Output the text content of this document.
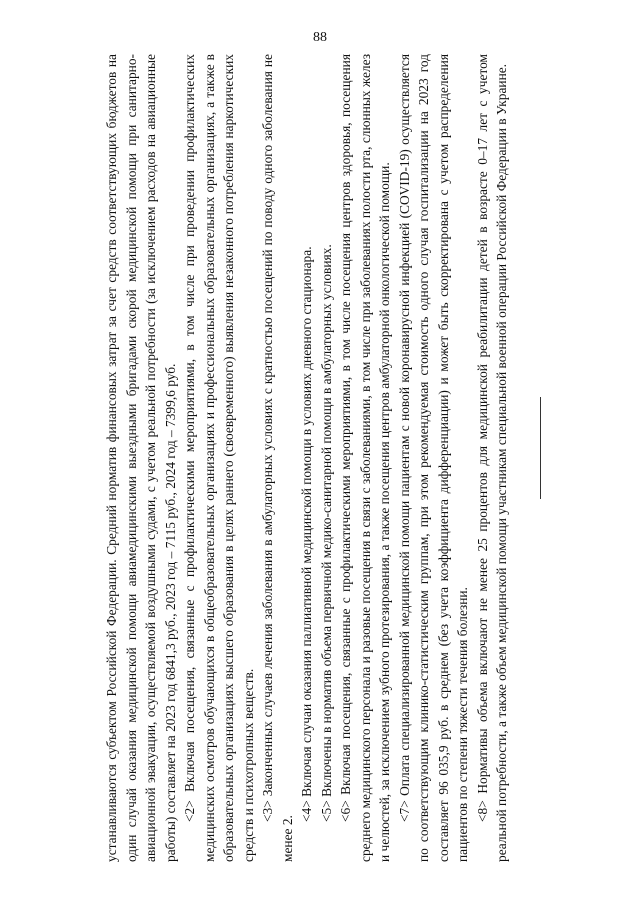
88

устанавливаются субъектом Российской Федерации. Средний норматив финансовых затрат за счет средств соответствующих бюджетов на один случай оказания медицинской помощи авиамедицинскими выездными бригадами скорой медицинской помощи при санитарно-авиационной эвакуации, осуществляемой воздушными судами, с учетом реальной потребности (за исключением расходов на авиационные работы) составляет на 2023 год 6841,3 руб., 2023 год – 7115 руб., 2024 год – 7399,6 руб. <2> Включая посещения, связанные с профилактическими мероприятиями, в том числе при проведении профилактических медицинских осмотров обучающихся в общеобразовательных организациях и профессиональных образовательных организациях, а также в образовательных организациях высшего образования в целях раннего (своевременного) выявления незаконного потребления наркотических средств и психотропных веществ. <3> Законченных случаев лечения заболевания в амбулаторных условиях с кратностью посещений по поводу одного заболевания не менее 2.

<4> Включая случаи оказания паллиативной медицинской помощи в условиях дневного стационара. <5> Включены в норматив объема первичной медико-санитарной помощи в амбулаторных условиях. <6> Включая посещения, связанные с профилактическими мероприятиями, в том числе посещения центров здоровья, посещения среднего медицинского персонала и разовые посещения в связи с заболеваниями, в том числе при заболеваниях полости рта, слюнных желез и челюстей, за исключением зубного протезирования, а также посещения центров амбулаторной онкологической помощи. <7> Оплата специализированной медицинской помощи пациентам с новой коронавирусной инфекцией (COVID-19) осуществляется по соответствующим клинико-статистическим группам, при этом рекомендуемая стоимость одного случая госпитализации на 2023 год составляет 96 035,9 руб. в среднем (без учета коэффициента дифференциации) и может быть скорректирована с учетом распределения пациентов по степени тяжести течения болезни. <8> Нормативы объема включают не менее 25 процентов для медицинской реабилитации детей в возрасте 0–17 лет с учетом реальной потребности, а также объем медицинской помощи участникам специальной военной операции Российской Федерации в Украине.
